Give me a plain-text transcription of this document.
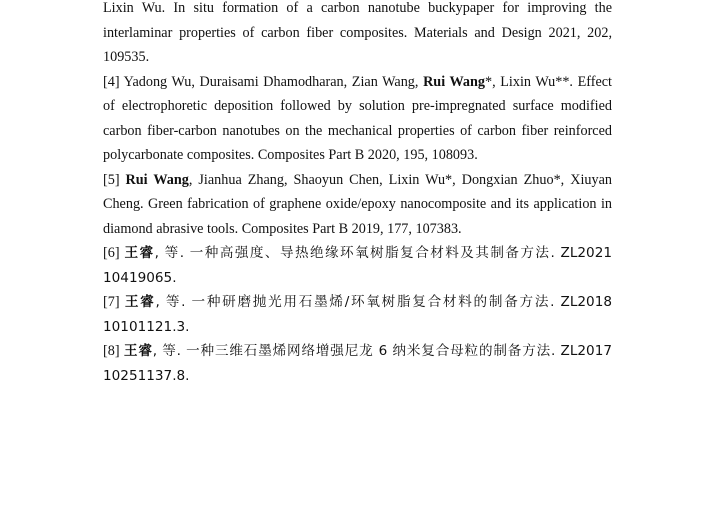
Lixin Wu. In situ formation of a carbon nanotube buckypaper for improving the interlaminar properties of carbon fiber composites. Materials and Design 2021, 202, 109535.

[4] Yadong Wu, Duraisami Dhamodharan, Zian Wang, Rui Wang*, Lixin Wu**. Effect of electrophoretic deposition followed by solution pre-impregnated surface modified carbon fiber-carbon nanotubes on the mechanical properties of carbon fiber reinforced polycarbonate composites. Composites Part B 2020, 195, 108093.

[5] Rui Wang, Jianhua Zhang, Shaoyun Chen, Lixin Wu*, Dongxian Zhuo*, Xiuyan Cheng. Green fabrication of graphene oxide/epoxy nanocomposite and its application in diamond abrasive tools. Composites Part B 2019, 177, 107383.

[6] 王睿, 等. 一种高强度、导热绝缘环氧树脂复合材料及其制备方法. ZL2021 10419065.

[7] 王睿, 等. 一种研磨抛光用石墨烯/环氧树脂复合材料的制备方法. ZL2018 10101121.3.

[8] 王睿, 等. 一种三维石墨烯网络增强尼龙 6 纳米复合母粒的制备方法. ZL2017 10251137.8.
